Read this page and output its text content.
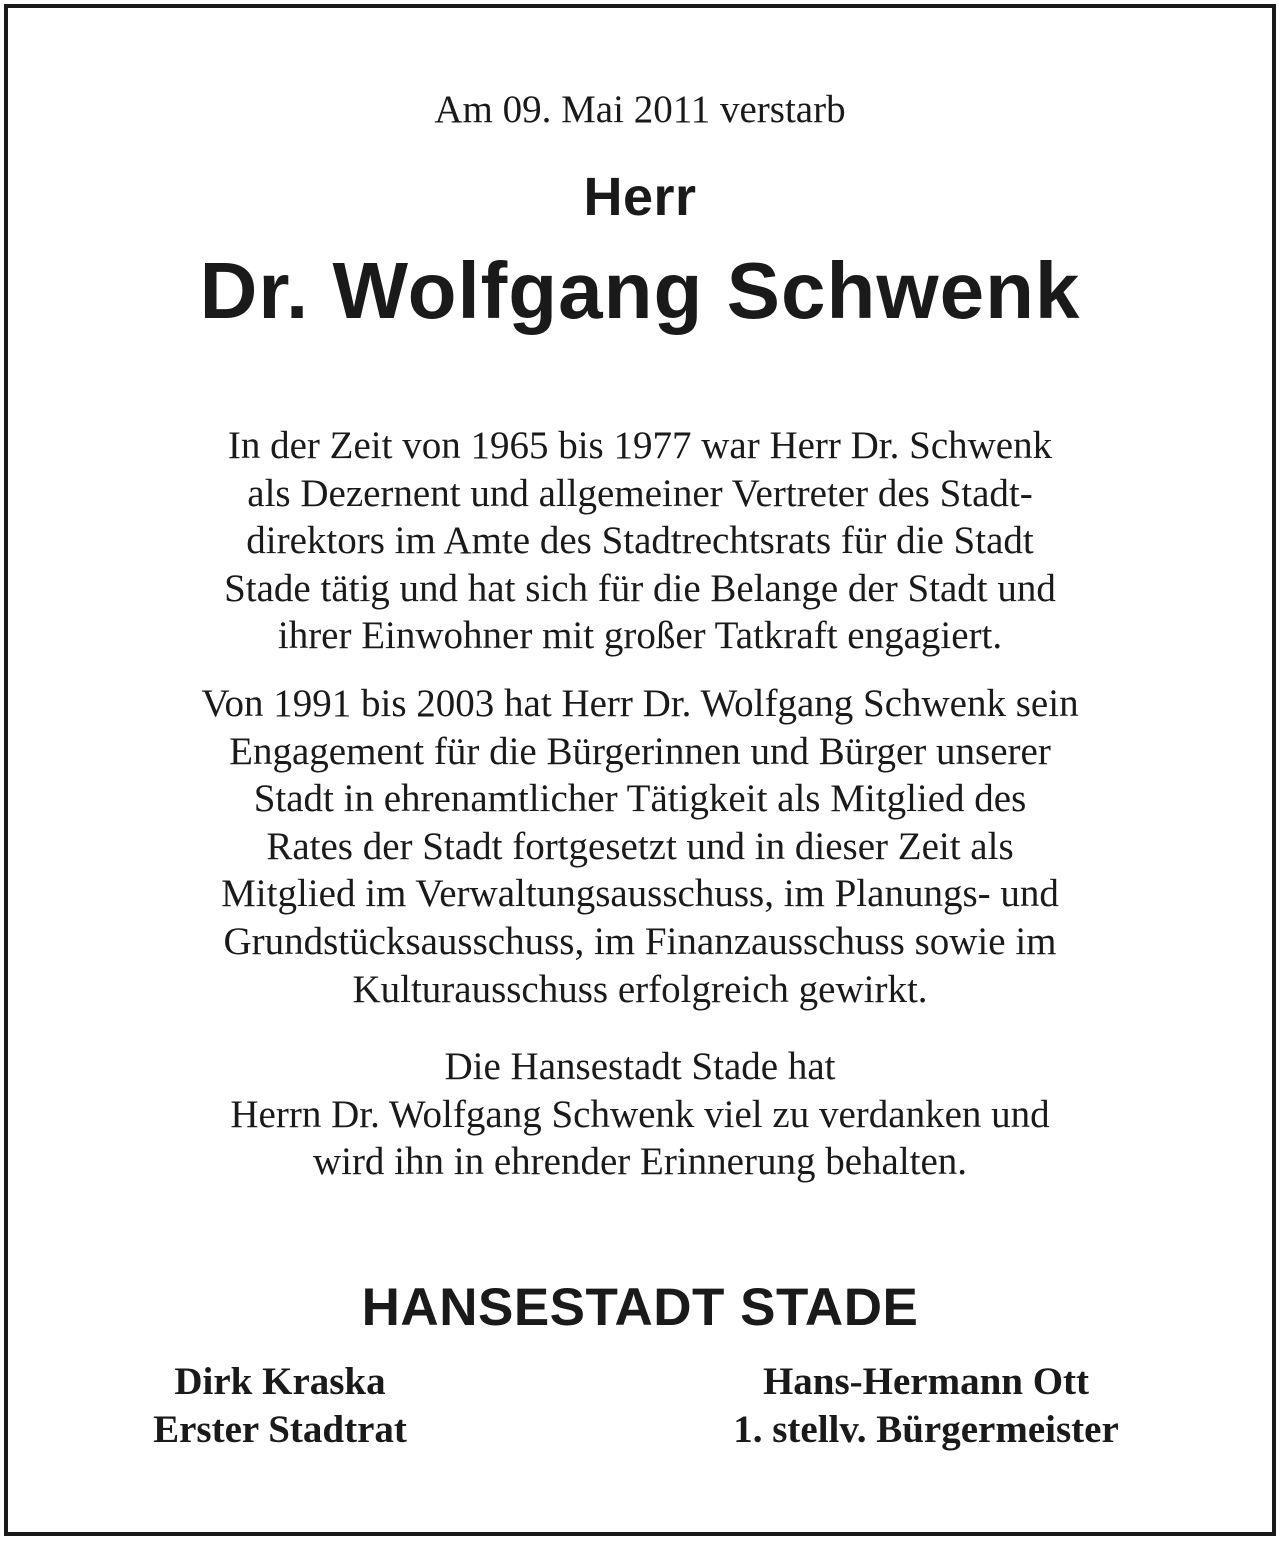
Am 09. Mai 2011 verstarb
Herr
Dr. Wolfgang Schwenk
In der Zeit von 1965 bis 1977 war Herr Dr. Schwenk
als Dezernent und allgemeiner Vertreter des Stadt-
direktors im Amte des Stadtrechtsrats für die Stadt
Stade tätig und hat sich für die Belange der Stadt und
ihrer Einwohner mit großer Tatkraft engagiert.
Von 1991 bis 2003 hat Herr Dr. Wolfgang Schwenk sein
Engagement für die Bürgerinnen und Bürger unserer
Stadt in ehrenamtlicher Tätigkeit als Mitglied des
Rates der Stadt fortgesetzt und in dieser Zeit als
Mitglied im Verwaltungsausschuss, im Planungs- und
Grundstücksausschuss, im Finanzausschuss sowie im
Kulturausschuss erfolgreich gewirkt.
Die Hansestadt Stade hat
Herrn Dr. Wolfgang Schwenk viel zu verdanken und
wird ihn in ehrender Erinnerung behalten.
HANSESTADT STADE
Dirk Kraska
Erster Stadtrat
Hans-Hermann Ott
1. stellv. Bürgermeister
